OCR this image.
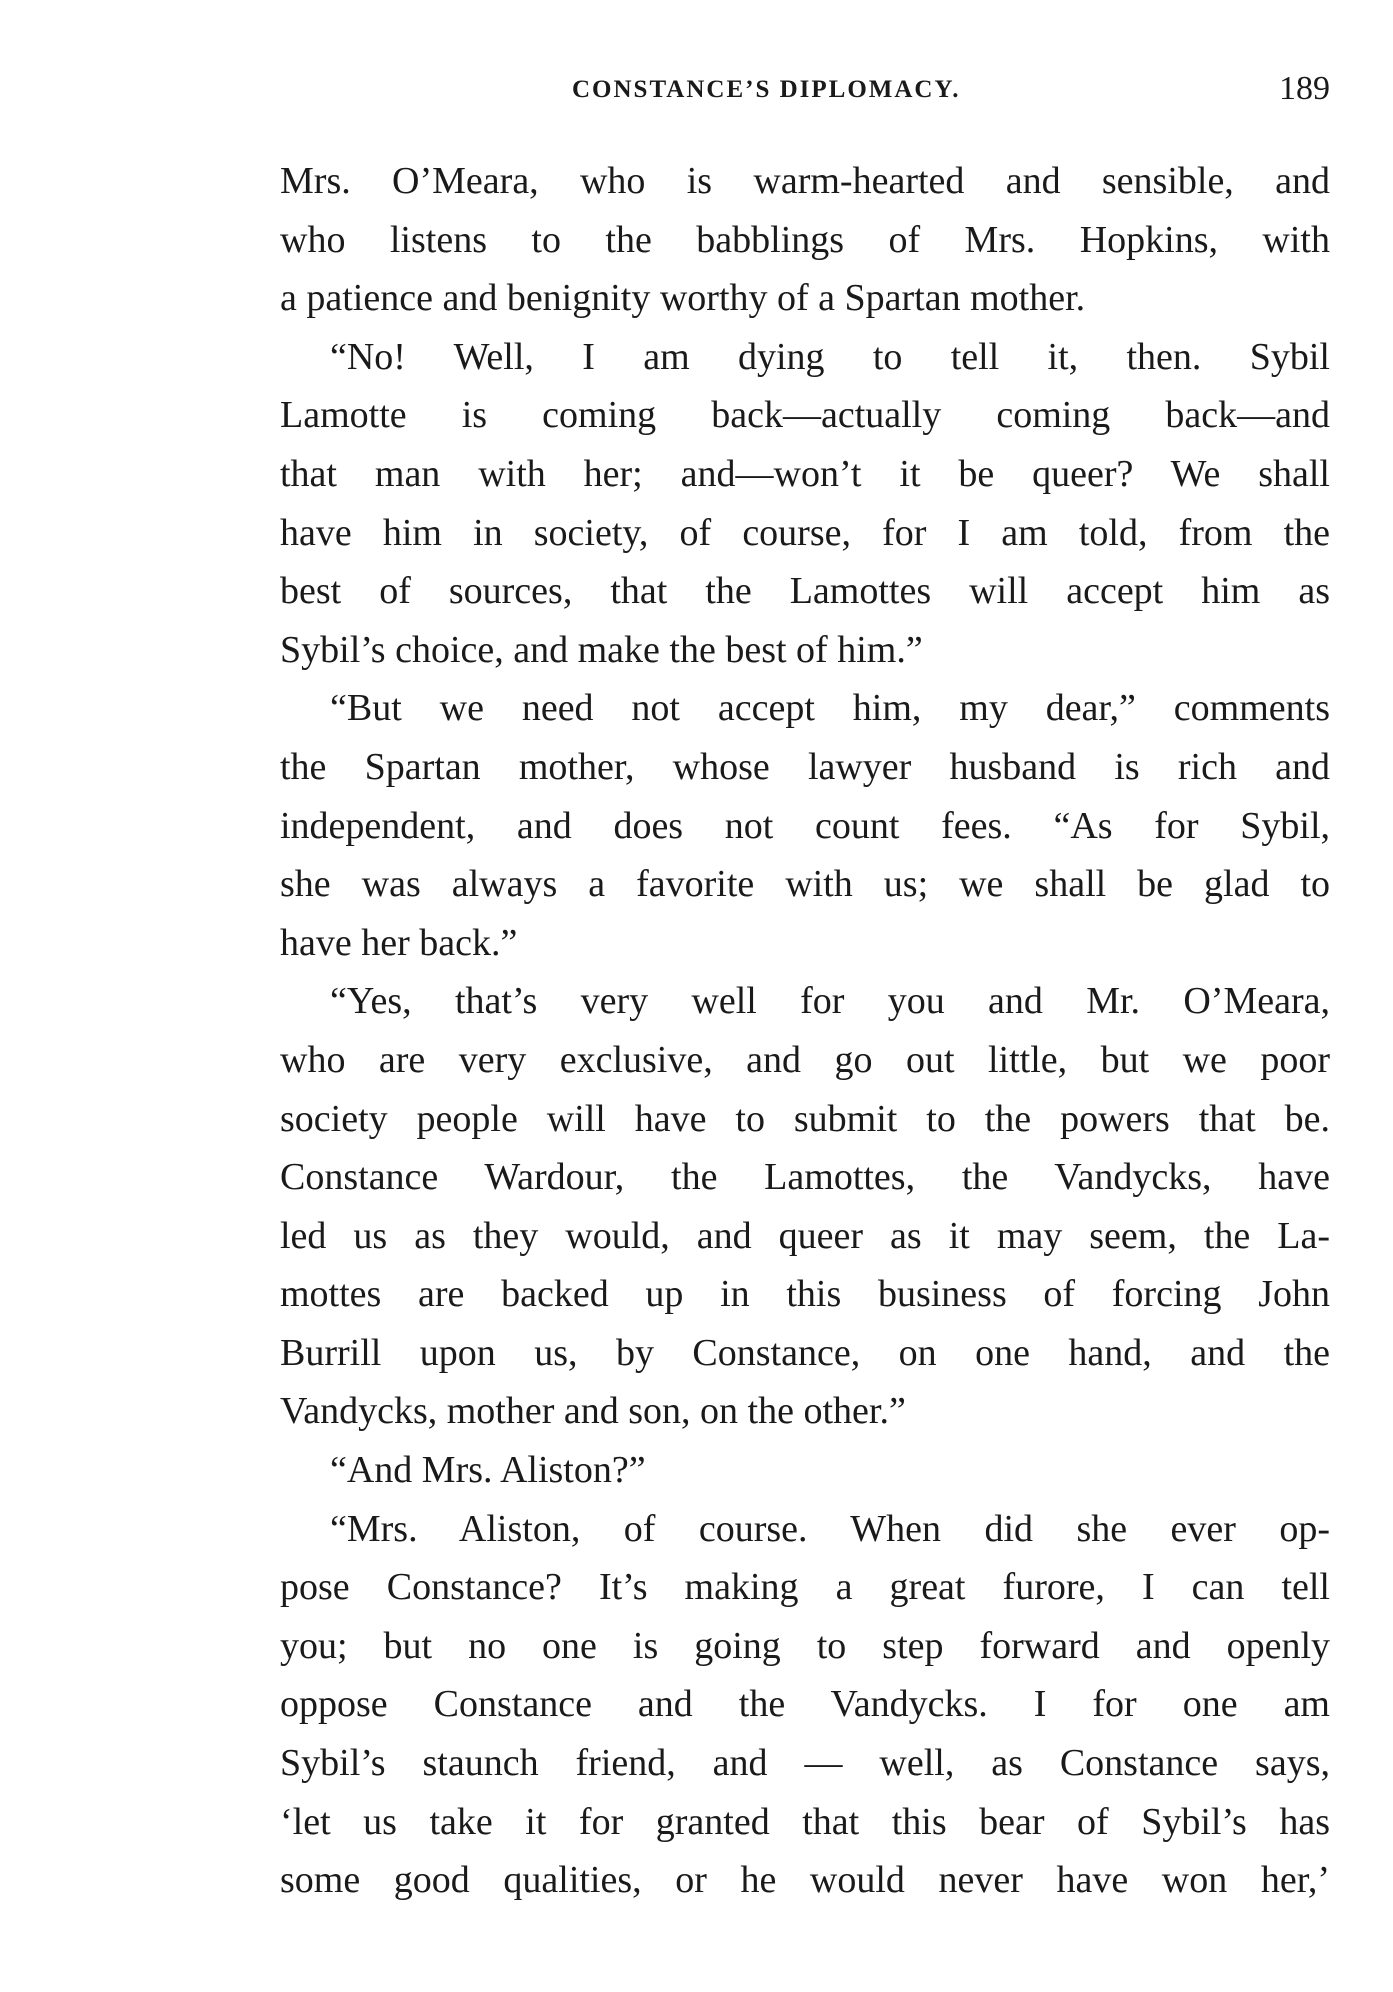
CONSTANCE’S DIPLOMACY.	189
Mrs. O’Meara, who is warm-hearted and sensible, and
who listens to the babblings of Mrs. Hopkins, with
a patience and benignity worthy of a Spartan mother.
“No! Well, I am dying to tell it, then. Sybil
Lamotte is coming back—actually coming back—and
that man with her; and—won’t it be queer? We shall
have him in society, of course, for I am told, from the
best of sources, that the Lamottes will accept him as
Sybil’s choice, and make the best of him.”
“But we need not accept him, my dear,” comments
the Spartan mother, whose lawyer husband is rich and
independent, and does not count fees. “As for Sybil,
she was always a favorite with us; we shall be glad to
have her back.”
“Yes, that’s very well for you and Mr. O’Meara,
who are very exclusive, and go out little, but we poor
society people will have to submit to the powers that be.
Constance Wardour, the Lamottes, the Vandycks, have
led us as they would, and queer as it may seem, the La-
mottes are backed up in this business of forcing John
Burrill upon us, by Constance, on one hand, and the
Vandycks, mother and son, on the other.”
“And Mrs. Aliston?”
“Mrs. Aliston, of course. When did she ever op-
pose Constance? It’s making a great furore, I can tell
you; but no one is going to step forward and openly
oppose Constance and the Vandycks. I for one am
Sybil’s staunch friend, and — well, as Constance says,
‘let us take it for granted that this bear of Sybil’s has
some good qualities, or he would never have won her,’
